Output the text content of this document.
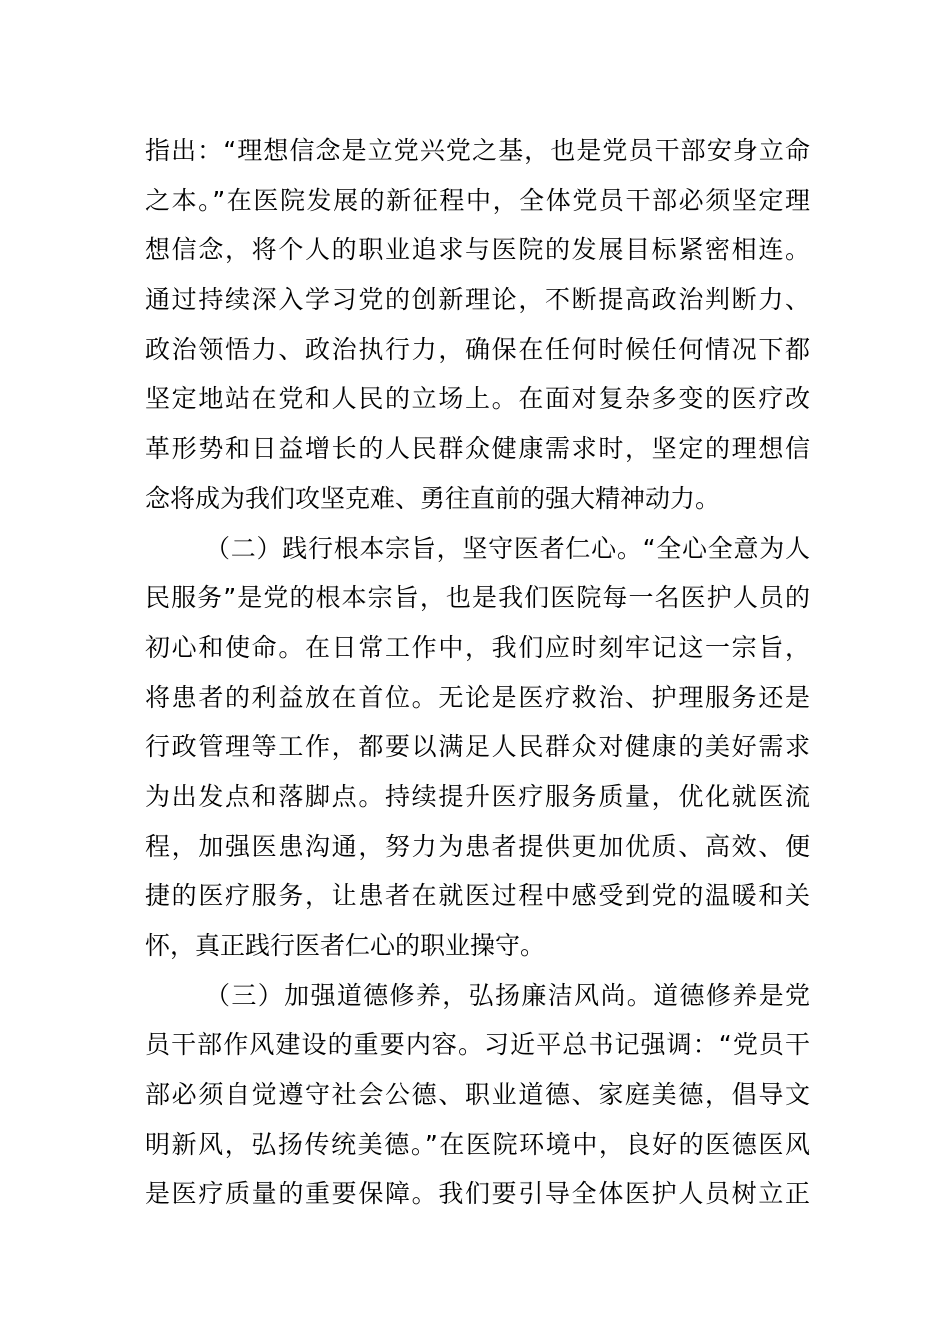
指出：“理想信念是立党兴党之基，也是党员干部安身立命
之本。”在医院发展的新征程中，全体党员干部必须坚定理
想信念，将个人的职业追求与医院的发展目标紧密相连。
通过持续深入学习党的创新理论，不断提高政治判断力、
政治领悟力、政治执行力，确保在任何时候任何情况下都
坚定地站在党和人民的立场上。在面对复杂多变的医疗改
革形势和日益增长的人民群众健康需求时，坚定的理想信
念将成为我们攻坚克难、勇往直前的强大精神动力。
（二）践行根本宗旨，坚守医者仁心。“全心全意为人
民服务”是党的根本宗旨，也是我们医院每一名医护人员的
初心和使命。在日常工作中，我们应时刻牢记这一宗旨，
将患者的利益放在首位。无论是医疗救治、护理服务还是
行政管理等工作，都要以满足人民群众对健康的美好需求
为出发点和落脚点。持续提升医疗服务质量，优化就医流
程，加强医患沟通，努力为患者提供更加优质、高效、便
捷的医疗服务，让患者在就医过程中感受到党的温暖和关
怀，真正践行医者仁心的职业操守。
（三）加强道德修养，弘扬廉洁风尚。道德修养是党
员干部作风建设的重要内容。习近平总书记强调：“党员干
部必须自觉遵守社会公德、职业道德、家庭美德，倡导文
明新风，弘扬传统美德。”在医院环境中，良好的医德医风
是医疗质量的重要保障。我们要引导全体医护人员树立正
